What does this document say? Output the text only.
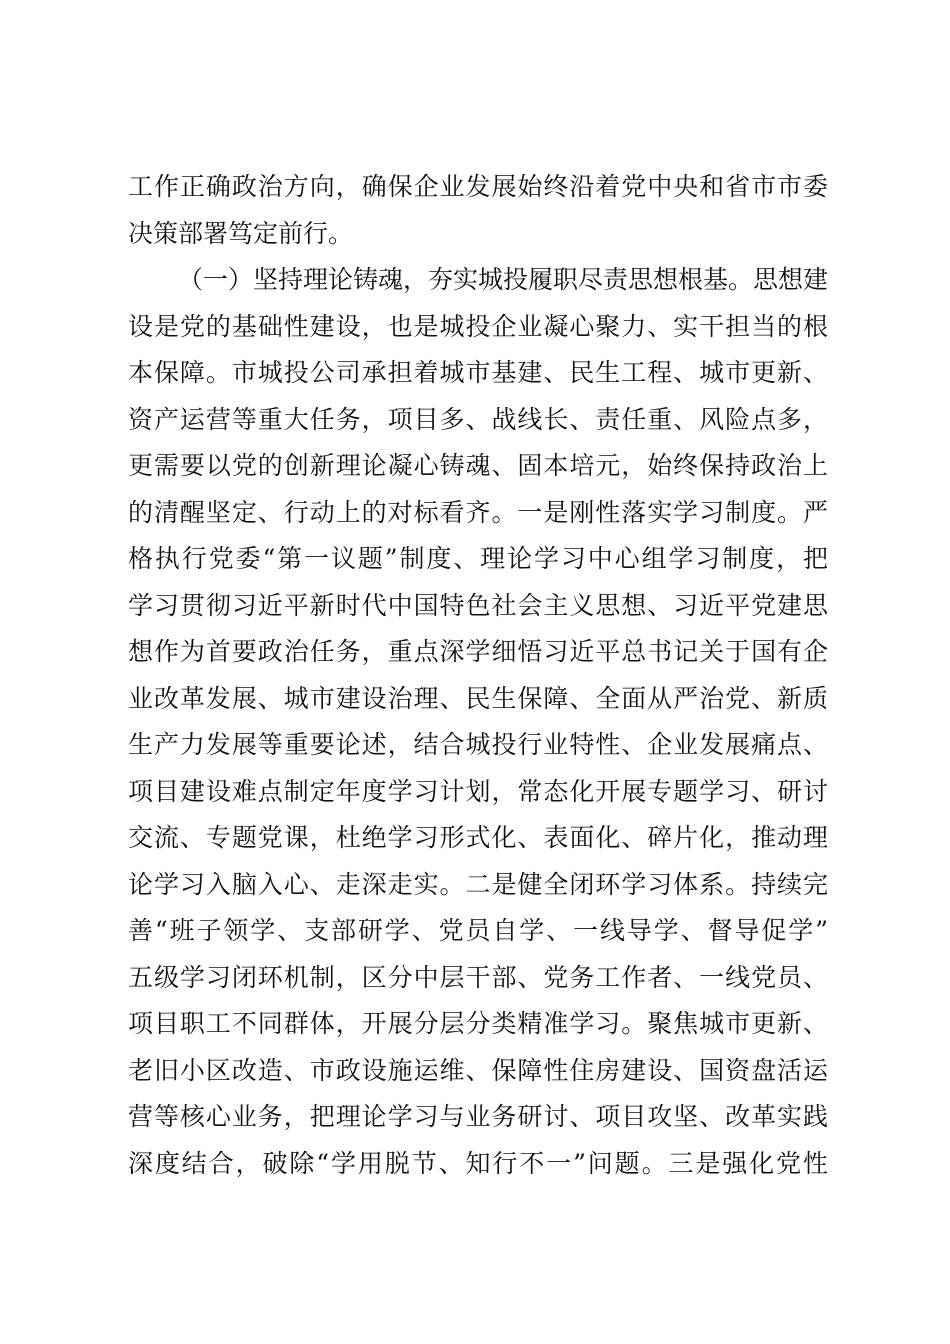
工作正确政治方向，确保企业发展始终沿着党中央和省市市委
决策部署笃定前行。
（一）坚持理论铸魂，夯实城投履职尽责思想根基。思想建
设是党的基础性建设，也是城投企业凝心聚力、实干担当的根
本保障。市城投公司承担着城市基建、民生工程、城市更新、
资产运营等重大任务，项目多、战线长、责任重、风险点多，
更需要以党的创新理论凝心铸魂、固本培元，始终保持政治上
的清醒坚定、行动上的对标看齐。一是刚性落实学习制度。严
格执行党委“第一议题”制度、理论学习中心组学习制度，把
学习贯彻习近平新时代中国特色社会主义思想、习近平党建思
想作为首要政治任务，重点深学细悟习近平总书记关于国有企
业改革发展、城市建设治理、民生保障、全面从严治党、新质
生产力发展等重要论述，结合城投行业特性、企业发展痛点、
项目建设难点制定年度学习计划，常态化开展专题学习、研讨
交流、专题党课，杜绝学习形式化、表面化、碎片化，推动理
论学习入脑入心、走深走实。二是健全闭环学习体系。持续完
善“班子领学、支部研学、党员自学、一线导学、督导促学”
五级学习闭环机制，区分中层干部、党务工作者、一线党员、
项目职工不同群体，开展分层分类精准学习。聚焦城市更新、
老旧小区改造、市政设施运维、保障性住房建设、国资盘活运
营等核心业务，把理论学习与业务研讨、项目攻坚、改革实践
深度结合，破除“学用脱节、知行不一”问题。三是强化党性
